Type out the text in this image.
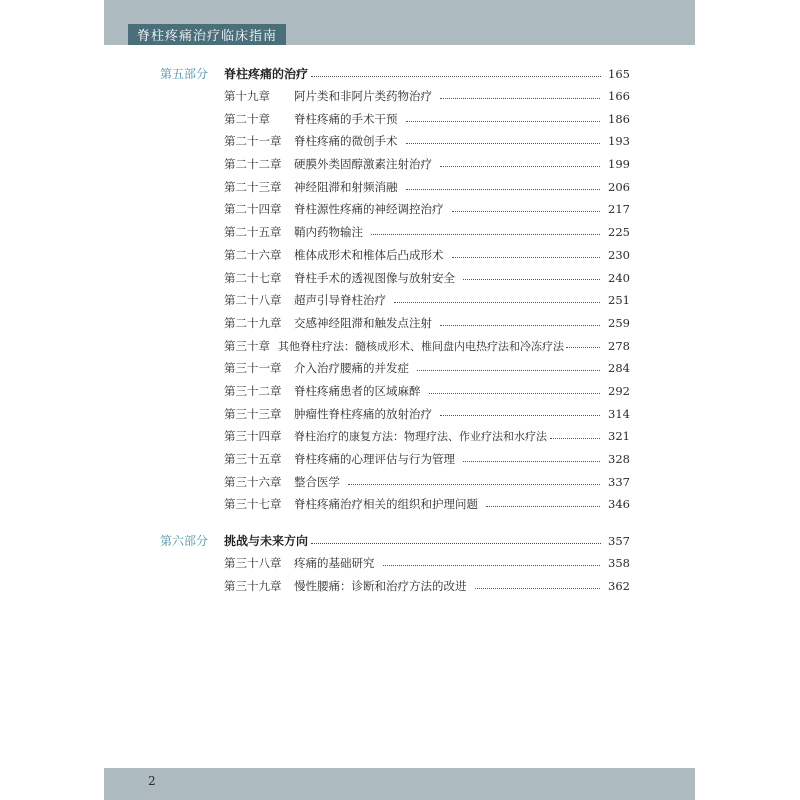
脊柱疼痛治疗临床指南
第五部分	脊柱疼痛的治疗	165
第十九章	阿片类和非阿片类药物治疗	166
第二十章	脊柱疼痛的手术干预	186
第二十一章	脊柱疼痛的微创手术	193
第二十二章	硬膜外类固醇激素注射治疗	199
第二十三章	神经阻滞和射频消融	206
第二十四章	脊柱源性疼痛的神经调控治疗	217
第二十五章	鞘内药物输注	225
第二十六章	椎体成形术和椎体后凸成形术	230
第二十七章	脊柱手术的透视图像与放射安全	240
第二十八章	超声引导脊柱治疗	251
第二十九章	交感神经阻滞和触发点注射	259
第三十章 其他脊柱疗法：髓核成形术、椎间盘内电热疗法和冷冻疗法	278
第三十一章	介入治疗腰痛的并发症	284
第三十二章	脊柱疼痛患者的区域麻醉	292
第三十三章	肿瘤性脊柱疼痛的放射治疗	314
第三十四章	脊柱治疗的康复方法：物理疗法、作业疗法和水疗法	321
第三十五章	脊柱疼痛的心理评估与行为管理	328
第三十六章	整合医学	337
第三十七章	脊柱疼痛治疗相关的组织和护理问题	346
第六部分	挑战与未来方向	357
第三十八章	疼痛的基础研究	358
第三十九章	慢性腰痛：诊断和治疗方法的改进	362
2
